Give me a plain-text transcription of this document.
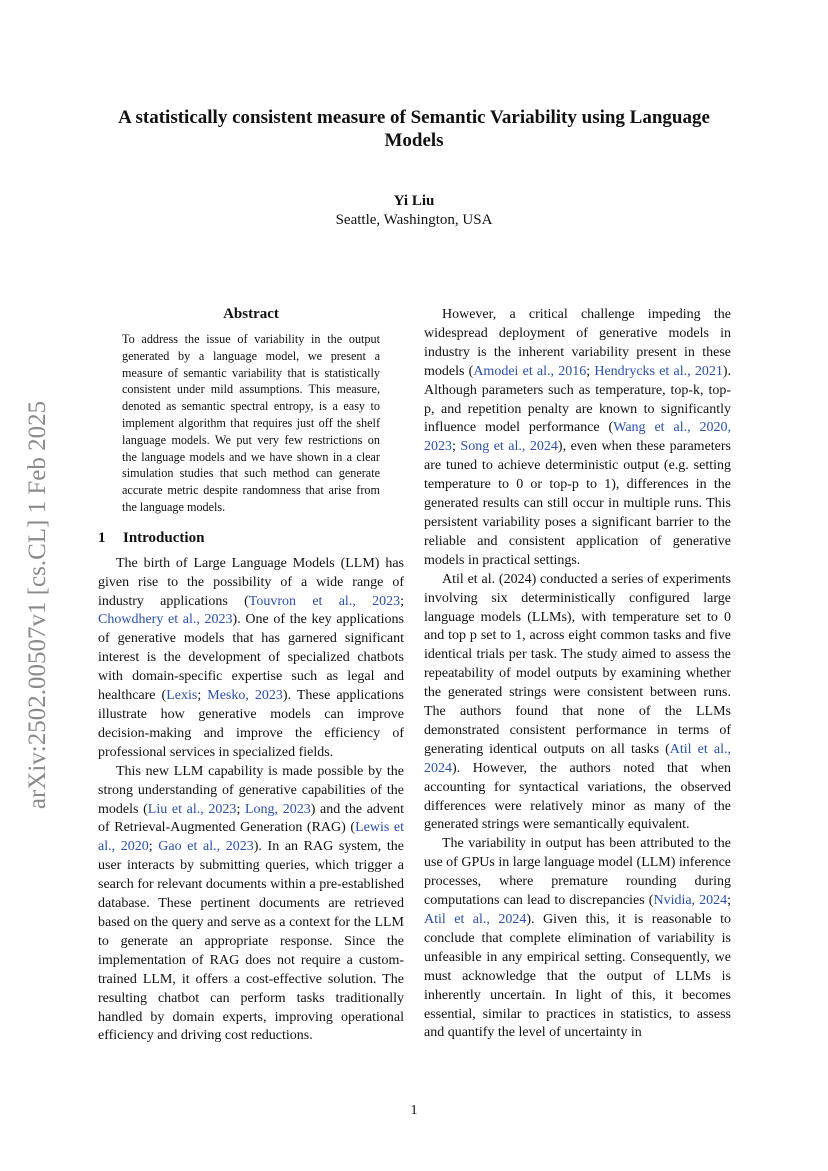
arXiv:2502.00507v1 [cs.CL] 1 Feb 2025
A statistically consistent measure of Semantic Variability using Language Models
Yi Liu
Seattle, Washington, USA
Abstract
To address the issue of variability in the output generated by a language model, we present a measure of semantic variability that is statistically consistent under mild assumptions. This measure, denoted as semantic spectral entropy, is a easy to implement algorithm that requires just off the shelf language models. We put very few restrictions on the language models and we have shown in a clear simulation studies that such method can generate accurate metric despite randomness that arise from the language models.
1 Introduction

The birth of Large Language Models (LLM) has given rise to the possibility of a wide range of industry applications (Touvron et al., 2023; Chowdhery et al., 2023). One of the key applications of generative models that has garnered significant interest is the development of specialized chatbots with domain-specific expertise such as legal and healthcare (Lexis; Mesko, 2023). These applications illustrate how generative models can improve decision-making and improve the efficiency of professional services in specialized fields.

This new LLM capability is made possible by the strong understanding of generative capabilities of the models (Liu et al., 2023; Long, 2023) and the advent of Retrieval-Augmented Generation (RAG) (Lewis et al., 2020; Gao et al., 2023). In an RAG system, the user interacts by submitting queries, which trigger a search for relevant documents within a pre-established database. These pertinent documents are retrieved based on the query and serve as a context for the LLM to generate an appropriate response. Since the implementation of RAG does not require a custom-trained LLM, it offers a cost-effective solution. The resulting chatbot can perform tasks traditionally handled by domain experts, improving operational efficiency and driving cost reductions.

However, a critical challenge impeding the widespread deployment of generative models in industry is the inherent variability present in these models (Amodei et al., 2016; Hendrycks et al., 2021). Although parameters such as temperature, top-k, top-p, and repetition penalty are known to significantly influence model performance (Wang et al., 2020, 2023; Song et al., 2024), even when these parameters are tuned to achieve deterministic output (e.g. setting temperature to 0 or top-p to 1), differences in the generated results can still occur in multiple runs. This persistent variability poses a significant barrier to the reliable and consistent application of generative models in practical settings.

Atil et al. (2024) conducted a series of experiments involving six deterministically configured large language models (LLMs), with temperature set to 0 and top p set to 1, across eight common tasks and five identical trials per task. The study aimed to assess the repeatability of model outputs by examining whether the generated strings were consistent between runs. The authors found that none of the LLMs demonstrated consistent performance in terms of generating identical outputs on all tasks (Atil et al., 2024). However, the authors noted that when accounting for syntactical variations, the observed differences were relatively minor as many of the generated strings were semantically equivalent.

The variability in output has been attributed to the use of GPUs in large language model (LLM) inference processes, where premature rounding during computations can lead to discrepancies (Nvidia, 2024; Atil et al., 2024). Given this, it is reasonable to conclude that complete elimination of variability is unfeasible in any empirical setting. Consequently, we must acknowledge that the output of LLMs is inherently uncertain. In light of this, it becomes essential, similar to practices in statistics, to assess and quantify the level of uncertainty in

1
